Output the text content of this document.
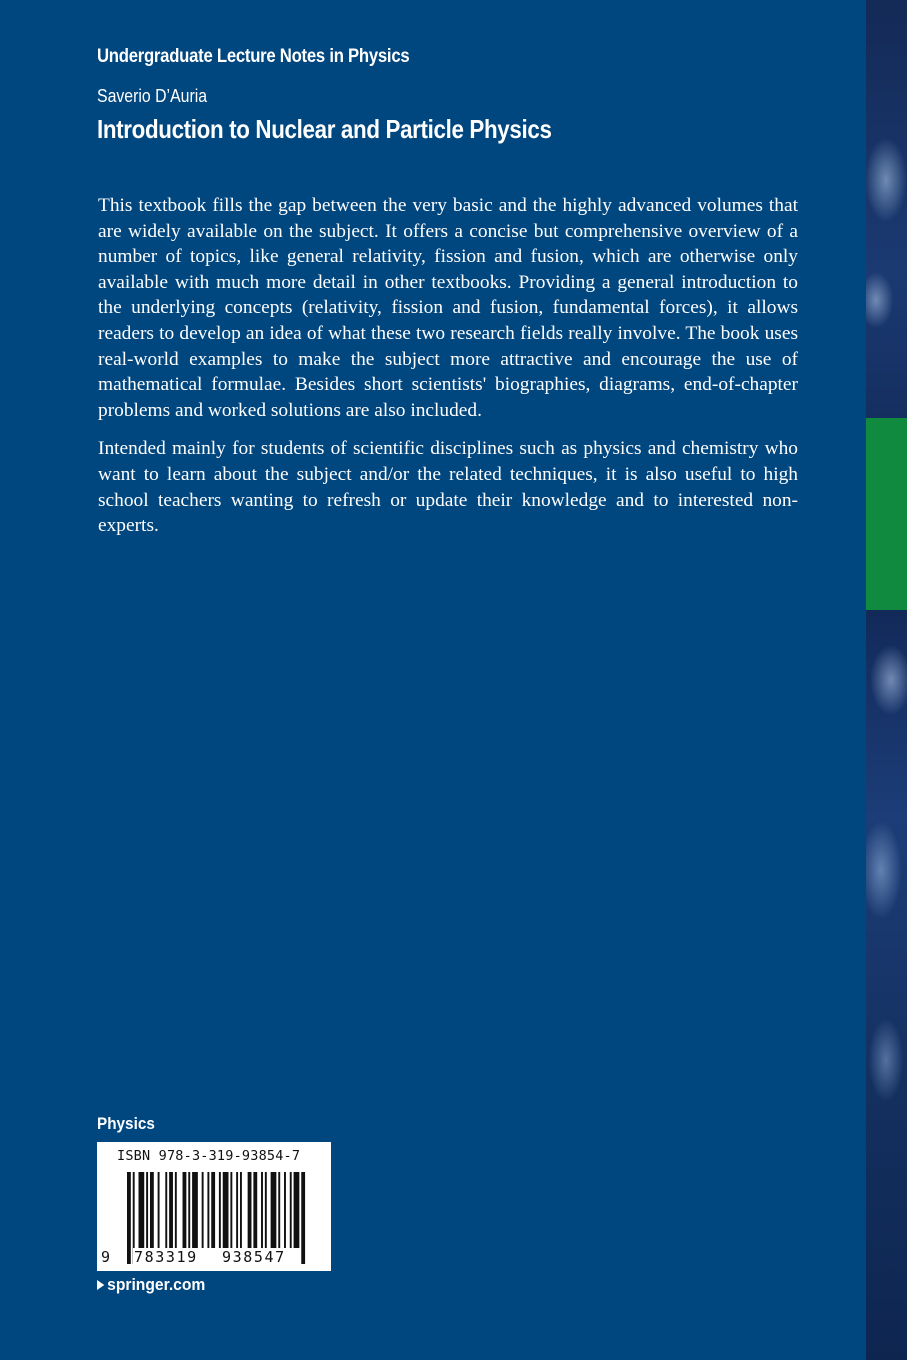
Undergraduate Lecture Notes in Physics
Saverio D’Auria
Introduction to Nuclear and Particle Physics

This textbook fills the gap between the very basic and the highly advanced volumes that are widely available on the subject. It offers a concise but comprehensive overview of a number of topics, like general relativity, fission and fusion, which are otherwise only available with much more detail in other textbooks. Providing a general introduction to the underlying concepts (relativity, fission and fusion, fundamental forces), it allows readers to develop an idea of what these two research fields really involve. The book uses real-world examples to make the subject more attractive and encourage the use of mathematical formulae. Besides short scientists' biographies, diagrams, end-of-chapter problems and worked solutions are also included.

Intended mainly for students of scientific disciplines such as physics and chemistry who want to learn about the subject and/or the related techniques, it is also useful to high school teachers wanting to refresh or update their knowledge and to interested non-experts.

Physics
ISBN 978-3-319-93854-7
9 783319 938547
springer.com
